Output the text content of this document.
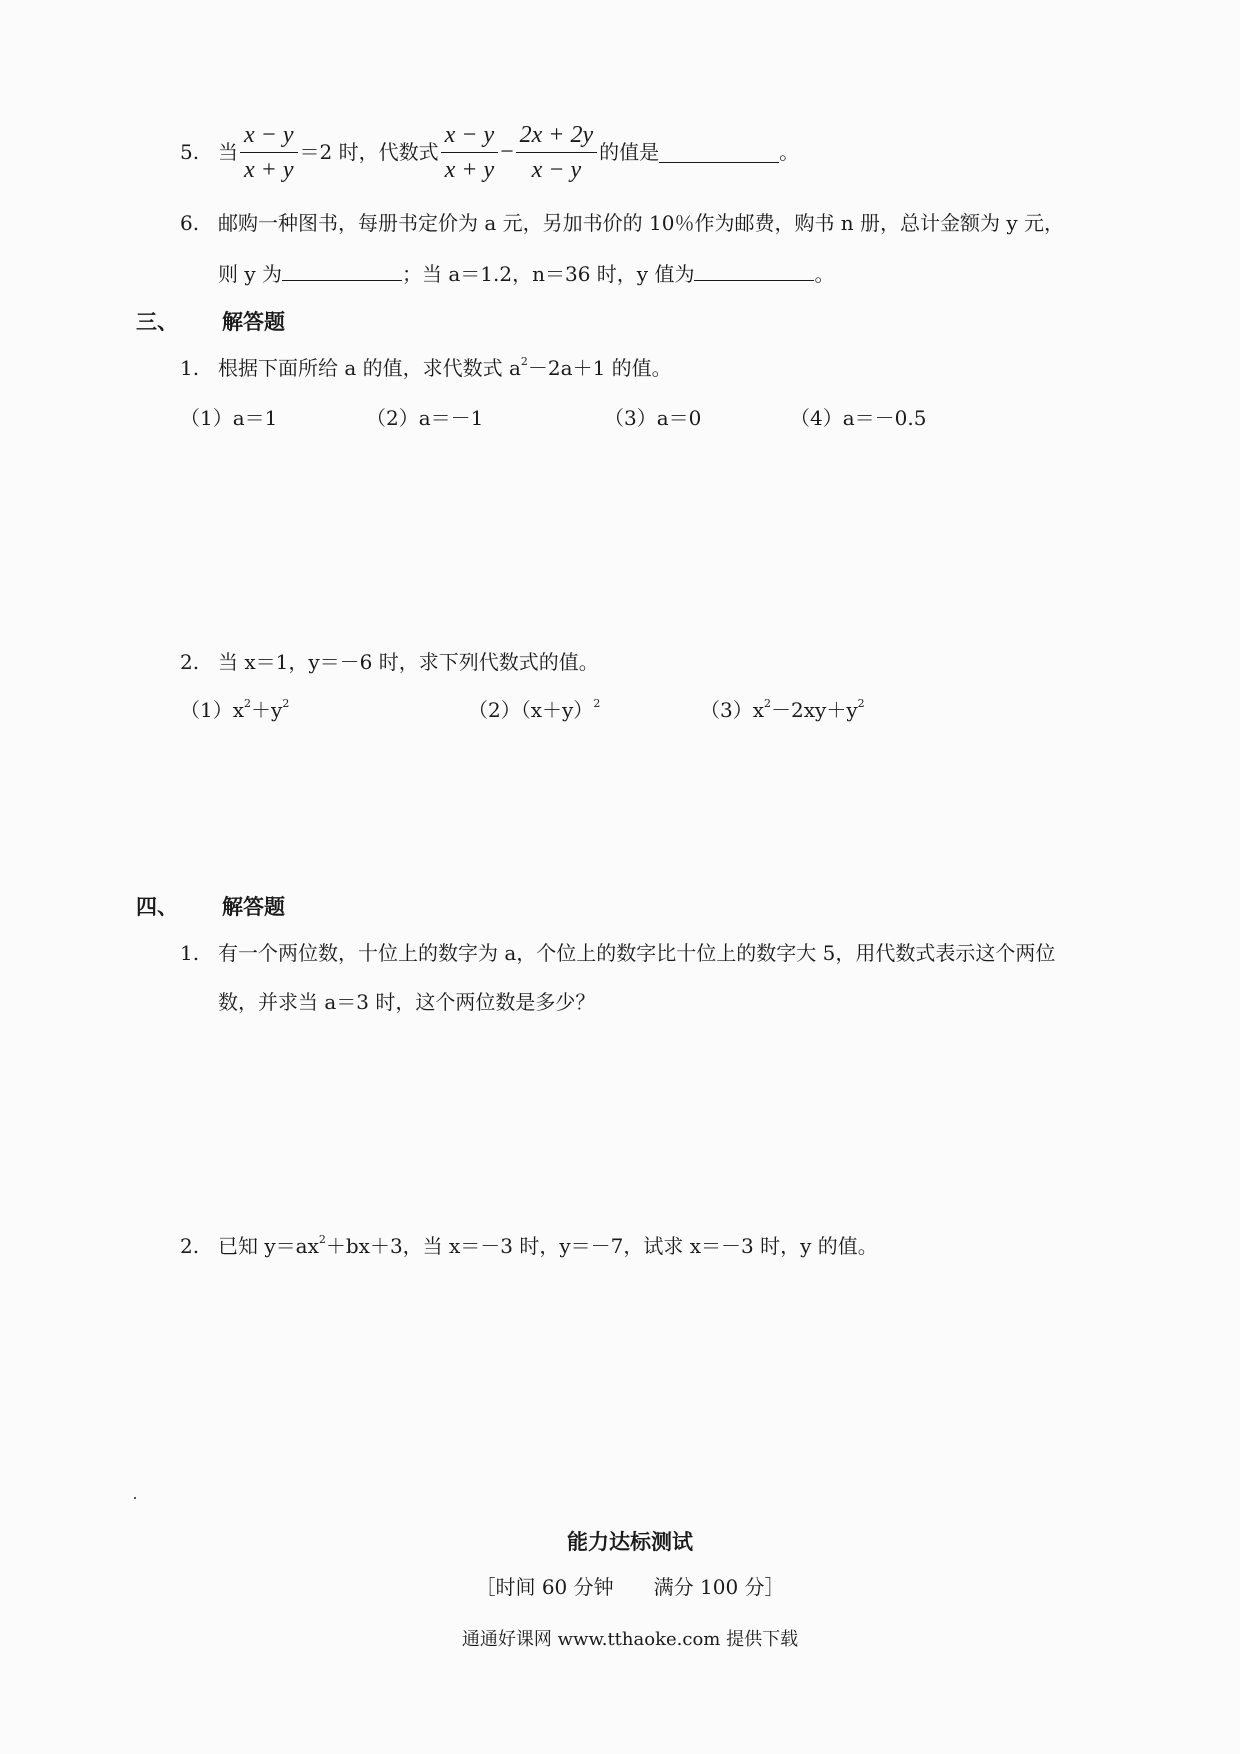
5. 当 $\frac{x - y}{x + y} =2$ 时，代数式 $\frac{x - y}{x + y} - \frac{2x + 2y}{x - y}$ 的值是	。
6. 邮购一种图书，每册书定价为 a 元，另加书价的 10％作为邮费，购书 n 册，总计金额为 y 元，
则 y 为	；当 a＝1.2，n＝36 时，y 值为	。
三、 解答题
1. 根据下面所给 a 的值，求代数式 $a^2-2a+1$ 的值。
（1）a＝1	（2）a＝－1	（3）a＝0	（4）a＝－0.5
2. 当 x＝1，y＝－6 时，求下列代数式的值。
$(1)x^2+y^2$	$(2)(x+y)^2$	$(3)x^2-2xy+y^2$
四、 解答题
1. 有一个两位数，十位上的数字为 a，个位上的数字比十位上的数字大 5，用代数式表示这个两位
数，并求当 a＝3 时，这个两位数是多少？
2. 已知 $y=ax^2+bx+3$，当 x＝－3 时，y＝－7，试求 x＝－3 时，y 的值。
能力达标测试
［时间 60 分钟　　满分 100 分］
通通好课网 www.tthaoke.com 提供下载
